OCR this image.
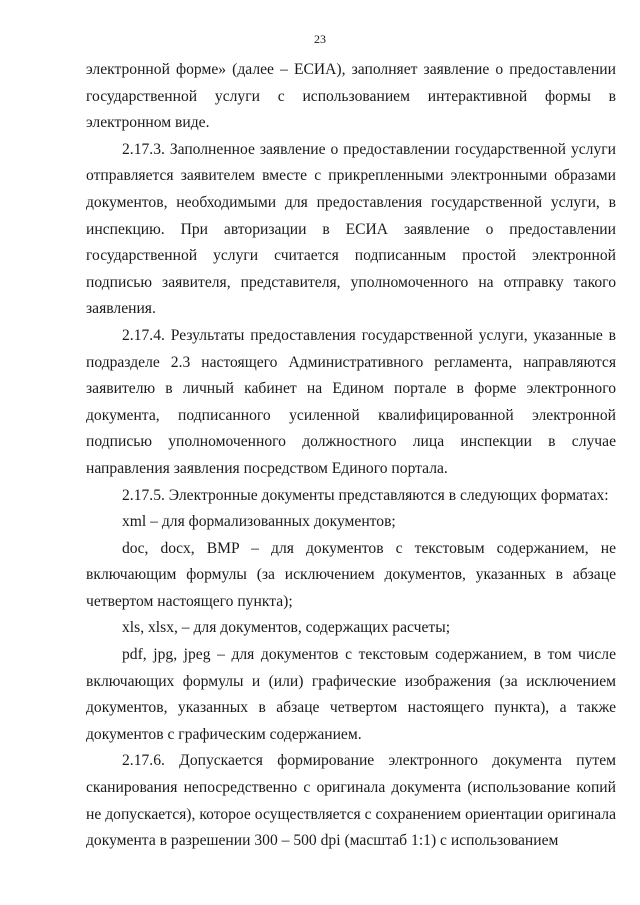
23

электронной форме» (далее – ЕСИА), заполняет заявление о предоставлении государственной услуги с использованием интерактивной формы в электронном виде.

2.17.3. Заполненное заявление о предоставлении государственной услуги отправляется заявителем вместе с прикрепленными электронными образами документов, необходимыми для предоставления государственной услуги, в инспекцию. При авторизации в ЕСИА заявление о предоставлении государственной услуги считается подписанным простой электронной подписью заявителя, представителя, уполномоченного на отправку такого заявления.

2.17.4. Результаты предоставления государственной услуги, указанные в подразделе 2.3 настоящего Административного регламента, направляются заявителю в личный кабинет на Едином портале в форме электронного документа, подписанного усиленной квалифицированной электронной подписью уполномоченного должностного лица инспекции в случае направления заявления посредством Единого портала.

2.17.5. Электронные документы представляются в следующих форматах:

xml – для формализованных документов;

doc, docx, BMP – для документов с текстовым содержанием, не включающим формулы (за исключением документов, указанных в абзаце четвертом настоящего пункта);

xls, xlsx, – для документов, содержащих расчеты;

pdf, jpg, jpeg – для документов с текстовым содержанием, в том числе включающих формулы и (или) графические изображения (за исключением документов, указанных в абзаце четвертом настоящего пункта), а также документов с графическим содержанием.

2.17.6. Допускается формирование электронного документа путем сканирования непосредственно с оригинала документа (использование копий не допускается), которое осуществляется с сохранением ориентации оригинала документа в разрешении 300 – 500 dpi (масштаб 1:1) с использованием
